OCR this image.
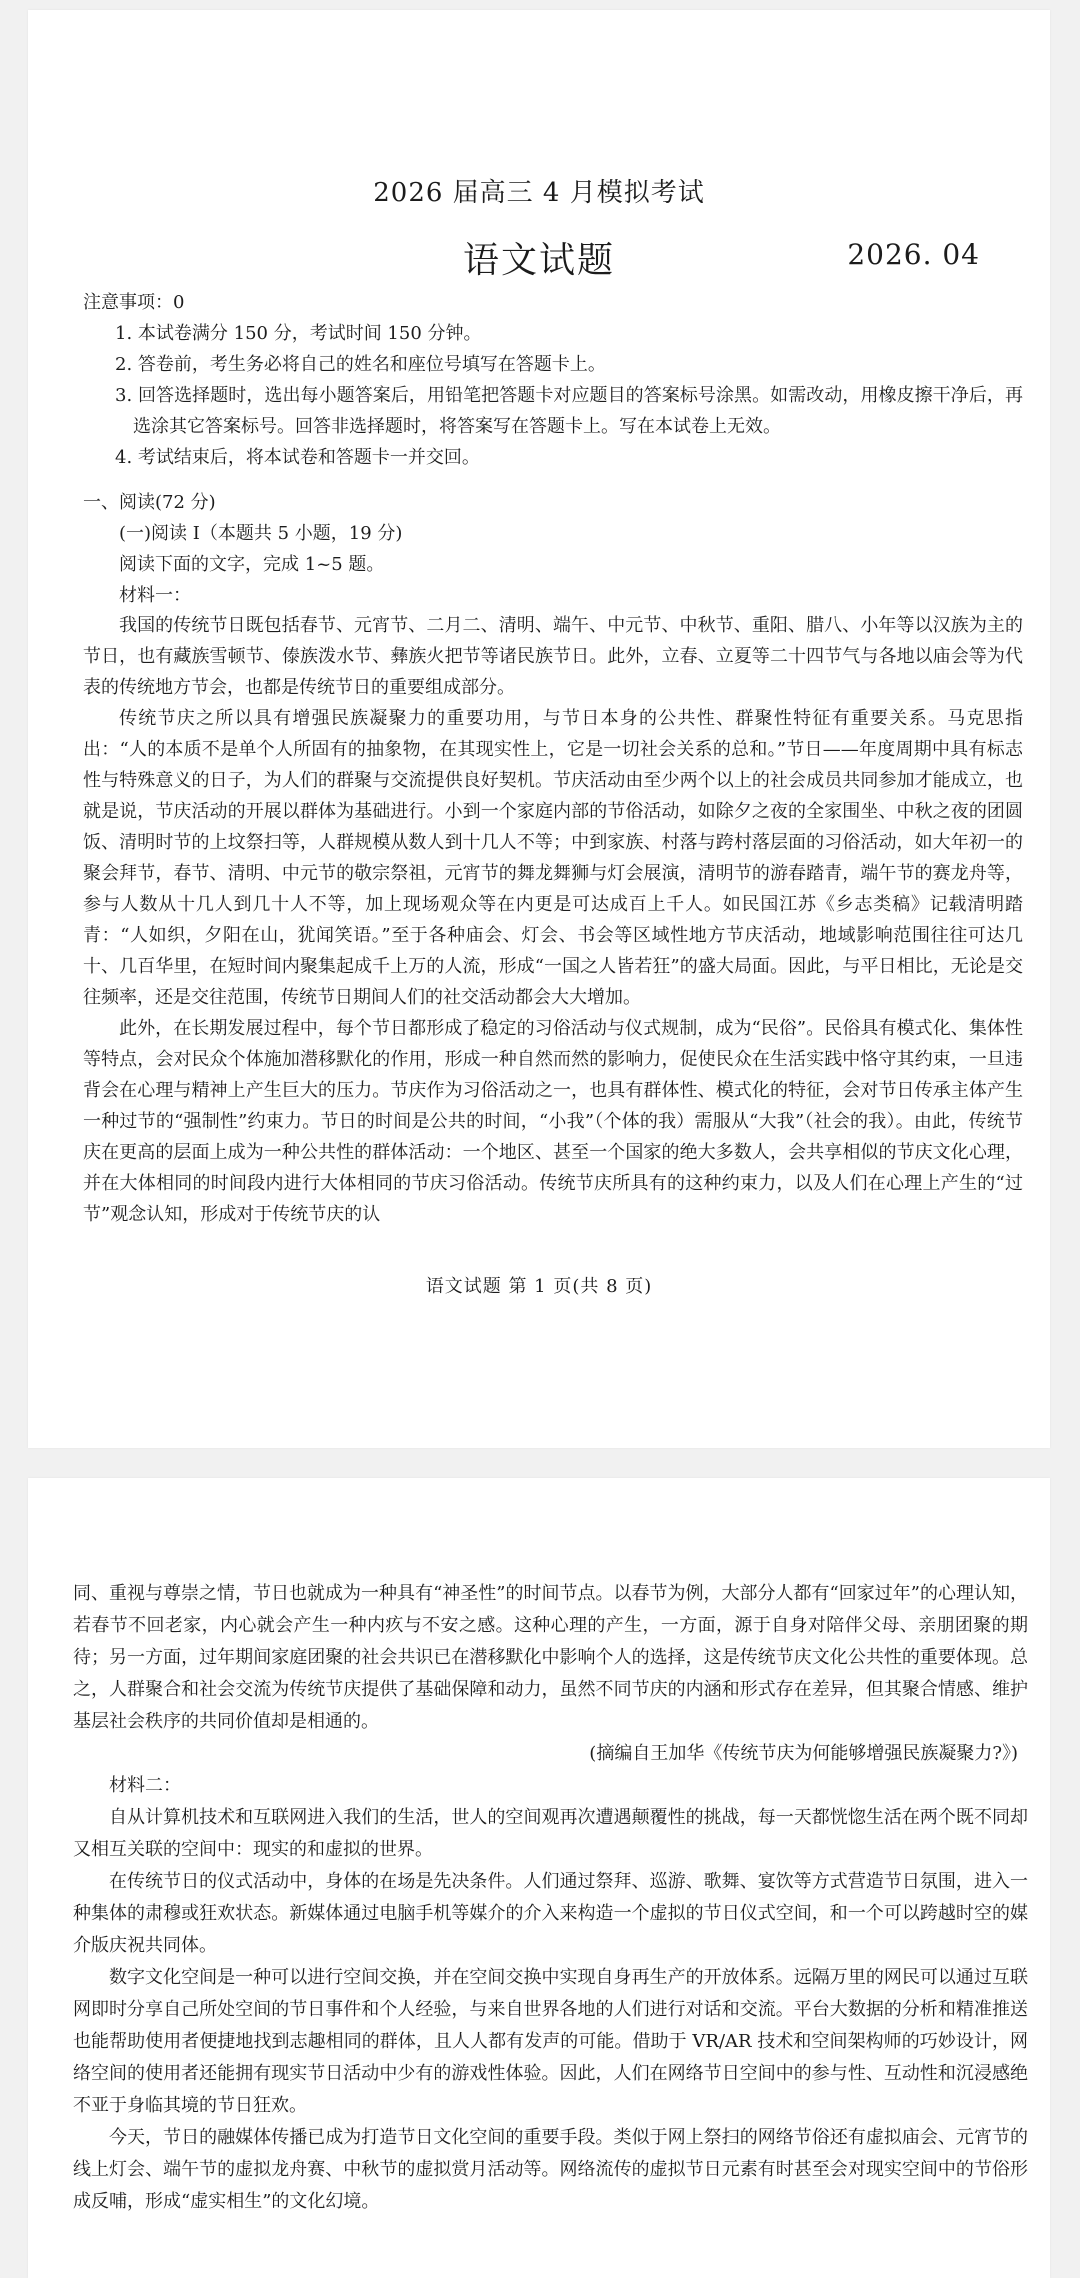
2026 届高三 4 月模拟考试
语文试题	2026. 04
注意事项：0

1. 本试卷满分 150 分，考试时间 150 分钟。

2. 答卷前，考生务必将自己的姓名和座位号填写在答题卡上。

3. 回答选择题时，选出每小题答案后，用铅笔把答题卡对应题目的答案标号涂黑。如需改动，用橡皮擦干净后，再选涂其它答案标号。回答非选择题时，将答案写在答题卡上。写在本试卷上无效。

4. 考试结束后，将本试卷和答题卡一并交回。

一、阅读(72 分)

(一)阅读 I（本题共 5 小题，19 分)

阅读下面的文字，完成 1~5 题。

材料一：

我国的传统节日既包括春节、元宵节、二月二、清明、端午、中元节、中秋节、重阳、腊八、小年等以汉族为主的节日，也有藏族雪顿节、傣族泼水节、彝族火把节等诸民族节日。此外，立春、立夏等二十四节气与各地以庙会等为代表的传统地方节会，也都是传统节日的重要组成部分。

传统节庆之所以具有增强民族凝聚力的重要功用，与节日本身的公共性、群聚性特征有重要关系。马克思指出：“人的本质不是单个人所固有的抽象物，在其现实性上，它是一切社会关系的总和。”节日——年度周期中具有标志性与特殊意义的日子，为人们的群聚与交流提供良好契机。节庆活动由至少两个以上的社会成员共同参加才能成立，也就是说，节庆活动的开展以群体为基础进行。小到一个家庭内部的节俗活动，如除夕之夜的全家围坐、中秋之夜的团圆饭、清明时节的上坟祭扫等，人群规模从数人到十几人不等；中到家族、村落与跨村落层面的习俗活动，如大年初一的聚会拜节，春节、清明、中元节的敬宗祭祖，元宵节的舞龙舞狮与灯会展演，清明节的游春踏青，端午节的赛龙舟等，参与人数从十几人到几十人不等，加上现场观众等在内更是可达成百上千人。如民国江苏《乡志类稿》记载清明踏青：“人如织，夕阳在山，犹闻笑语。”至于各种庙会、灯会、书会等区域性地方节庆活动，地域影响范围往往可达几十、几百华里，在短时间内聚集起成千上万的人流，形成“一国之人皆若狂”的盛大局面。因此，与平日相比，无论是交往频率，还是交往范围，传统节日期间人们的社交活动都会大大增加。

此外，在长期发展过程中，每个节日都形成了稳定的习俗活动与仪式规制，成为“民俗”。民俗具有模式化、集体性等特点，会对民众个体施加潜移默化的作用，形成一种自然而然的影响力，促使民众在生活实践中恪守其约束，一旦违背会在心理与精神上产生巨大的压力。节庆作为习俗活动之一，也具有群体性、模式化的特征，会对节日传承主体产生一种过节的“强制性”约束力。节日的时间是公共的时间，“小我”（个体的我）需服从“大我”（社会的我）。由此，传统节庆在更高的层面上成为一种公共性的群体活动：一个地区、甚至一个国家的绝大多数人，会共享相似的节庆文化心理，并在大体相同的时间段内进行大体相同的节庆习俗活动。传统节庆所具有的这种约束力，以及人们在心理上产生的“过节”观念认知，形成对于传统节庆的认

语文试题 第 1 页(共 8 页)

同、重视与尊崇之情，节日也就成为一种具有“神圣性”的时间节点。以春节为例，大部分人都有“回家过年”的心理认知，若春节不回老家，内心就会产生一种内疚与不安之感。这种心理的产生，一方面，源于自身对陪伴父母、亲朋团聚的期待；另一方面，过年期间家庭团聚的社会共识已在潜移默化中影响个人的选择，这是传统节庆文化公共性的重要体现。总之，人群聚合和社会交流为传统节庆提供了基础保障和动力，虽然不同节庆的内涵和形式存在差异，但其聚合情感、维护基层社会秩序的共同价值却是相通的。

(摘编自王加华《传统节庆为何能够增强民族凝聚力?》)

材料二：

自从计算机技术和互联网进入我们的生活，世人的空间观再次遭遇颠覆性的挑战，每一天都恍惚生活在两个既不同却又相互关联的空间中：现实的和虚拟的世界。

在传统节日的仪式活动中，身体的在场是先决条件。人们通过祭拜、巡游、歌舞、宴饮等方式营造节日氛围，进入一种集体的肃穆或狂欢状态。新媒体通过电脑手机等媒介的介入来构造一个虚拟的节日仪式空间，和一个可以跨越时空的媒介版庆祝共同体。

数字文化空间是一种可以进行空间交换，并在空间交换中实现自身再生产的开放体系。远隔万里的网民可以通过互联网即时分享自己所处空间的节日事件和个人经验，与来自世界各地的人们进行对话和交流。平台大数据的分析和精准推送也能帮助使用者便捷地找到志趣相同的群体，且人人都有发声的可能。借助于 VR/AR 技术和空间架构师的巧妙设计，网络空间的使用者还能拥有现实节日活动中少有的游戏性体验。因此，人们在网络节日空间中的参与性、互动性和沉浸感绝不亚于身临其境的节日狂欢。

今天，节日的融媒体传播已成为打造节日文化空间的重要手段。类似于网上祭扫的网络节俗还有虚拟庙会、元宵节的线上灯会、端午节的虚拟龙舟赛、中秋节的虚拟赏月活动等。网络流传的虚拟节日元素有时甚至会对现实空间中的节俗形成反哺，形成“虚实相生”的文化幻境。
